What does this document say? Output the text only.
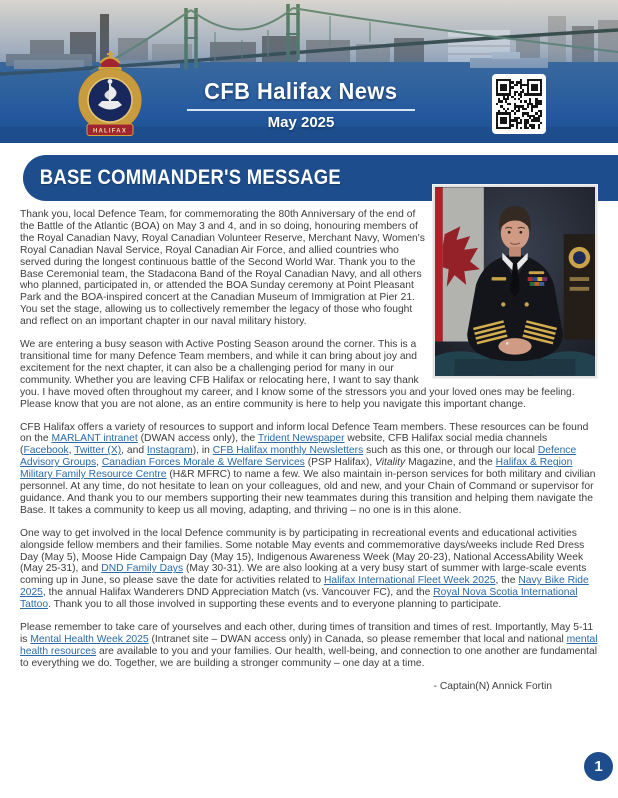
HALIFAX
CFB Halifax News
May 2025
BASE COMMANDER'S MESSAGE

Thank you, local Defence Team, for commemorating the 80th Anniversary of the end of the Battle of the Atlantic (BOA) on May 3 and 4, and in so doing, honouring members of the Royal Canadian Navy, Royal Canadian Volunteer Reserve, Merchant Navy, Women's Royal Canadian Naval Service, Royal Canadian Air Force, and allied countries who served during the longest continuous battle of the Second World War. Thank you to the Base Ceremonial team, the Stadacona Band of the Royal Canadian Navy, and all others who planned, participated in, or attended the BOA Sunday ceremony at Point Pleasant Park and the BOA-inspired concert at the Canadian Museum of Immigration at Pier 21. You set the stage, allowing us to collectively remember the legacy of those who fought and reflect on an important chapter in our naval military history.

We are entering a busy season with Active Posting Season around the corner. This is a transitional time for many Defence Team members, and while it can bring about joy and excitement for the next chapter, it can also be a challenging period for many in our community. Whether you are leaving CFB Halifax or relocating here, I want to say thank you. I have moved often throughout my career, and I know some of the stressors you and your loved ones may be feeling. Please know that you are not alone, as an entire community is here to help you navigate this important change.

CFB Halifax offers a variety of resources to support and inform local Defence Team members. These resources can be found on the MARLANT intranet (DWAN access only), the Trident Newspaper website, CFB Halifax social media channels (Facebook, Twitter (X), and Instagram), in CFB Halifax monthly Newsletters such as this one, or through our local Defence Advisory Groups, Canadian Forces Morale & Welfare Services (PSP Halifax), Vitality Magazine, and the Halifax & Region Military Family Resource Centre (H&R MFRC) to name a few. We also maintain in-person services for both military and civilian personnel. At any time, do not hesitate to lean on your colleagues, old and new, and your Chain of Command or supervisor for guidance. And thank you to our members supporting their new teammates during this transition and helping them navigate the Base. It takes a community to keep us all moving, adapting, and thriving – no one is in this alone.

One way to get involved in the local Defence community is by participating in recreational events and educational activities alongside fellow members and their families. Some notable May events and commemorative days/weeks include Red Dress Day (May 5), Moose Hide Campaign Day (May 15), Indigenous Awareness Week (May 20-23), National AccessAbility Week (May 25-31), and DND Family Days (May 30-31). We are also looking at a very busy start of summer with large-scale events coming up in June, so please save the date for activities related to Halifax International Fleet Week 2025, the Navy Bike Ride 2025, the annual Halifax Wanderers DND Appreciation Match (vs. Vancouver FC), and the Royal Nova Scotia International Tattoo. Thank you to all those involved in supporting these events and to everyone planning to participate.

Please remember to take care of yourselves and each other, during times of transition and times of rest. Importantly, May 5-11 is Mental Health Week 2025 (Intranet site – DWAN access only) in Canada, so please remember that local and national mental health resources are available to you and your families. Our health, well-being, and connection to one another are fundamental to everything we do. Together, we are building a stronger community – one day at a time.

- Captain(N) Annick Fortin
1
